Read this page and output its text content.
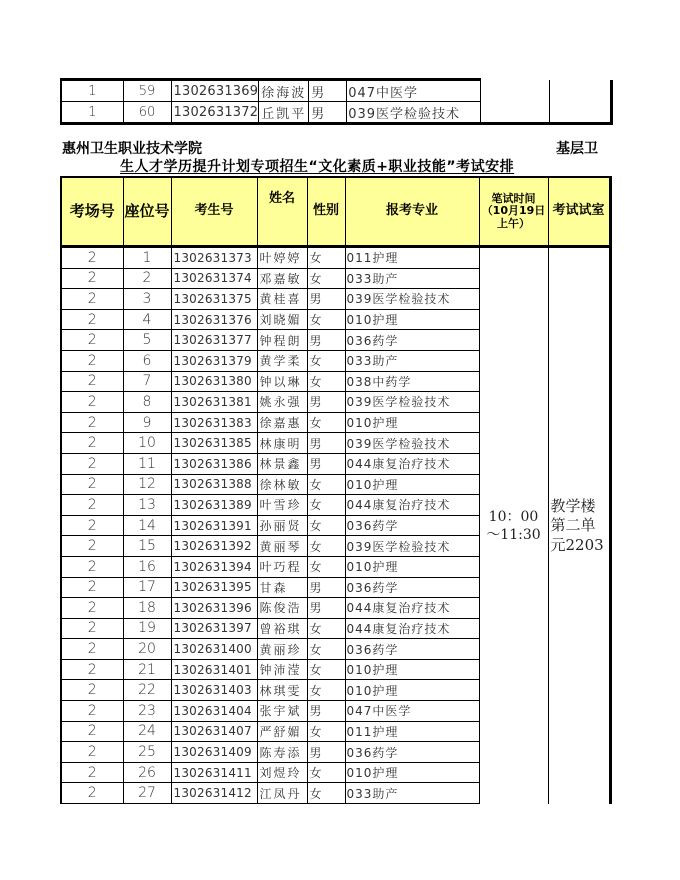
1	59	1302631369	徐海波	男	047中医学		
1	60	1302631372	丘凯平	男	039医学检验技术		
惠州卫生职业技术学院	基层卫
生人才学历提升计划专项招生“文化素质+职业技能”考试安排
考场号	座位号	考生号	姓名	性别	报考专业	笔试时间
（10月19日
上午）	考试试室
2	1	1302631373	叶婷婷	女	011护理	
10：00
～11:30

教学楼
第二单
元2203

2	2	1302631374	邓嘉敏	女	033助产		
2	3	1302631375	黄桂喜	男	039医学检验技术		
2	4	1302631376	刘晓媚	女	010护理		
2	5	1302631377	钟程朗	男	036药学		
2	6	1302631379	黄学柔	女	033助产		
2	7	1302631380	钟以琳	女	038中药学		
2	8	1302631381	姚永强	男	039医学检验技术		
2	9	1302631383	徐嘉惠	女	010护理		
2	10	1302631385	林康明	男	039医学检验技术		
2	11	1302631386	林景鑫	男	044康复治疗技术		
2	12	1302631388	徐林敏	女	010护理		
2	13	1302631389	叶雪珍	女	044康复治疗技术		
2	14	1302631391	孙丽贤	女	036药学		
2	15	1302631392	黄丽琴	女	039医学检验技术		
2	16	1302631394	叶巧程	女	010护理		
2	17	1302631395	甘森	男	036药学		
2	18	1302631396	陈俊浩	男	044康复治疗技术		
2	19	1302631397	曾裕琪	女	044康复治疗技术		
2	20	1302631400	黄丽珍	女	036药学		
2	21	1302631401	钟沛滢	女	010护理		
2	22	1302631403	林琪雯	女	010护理		
2	23	1302631404	张宇斌	男	047中医学		
2	24	1302631407	严舒媚	女	011护理		
2	25	1302631409	陈寿添	男	036药学		
2	26	1302631411	刘煜玲	女	010护理		
2	27	1302631412	江凤丹	女	033助产		
